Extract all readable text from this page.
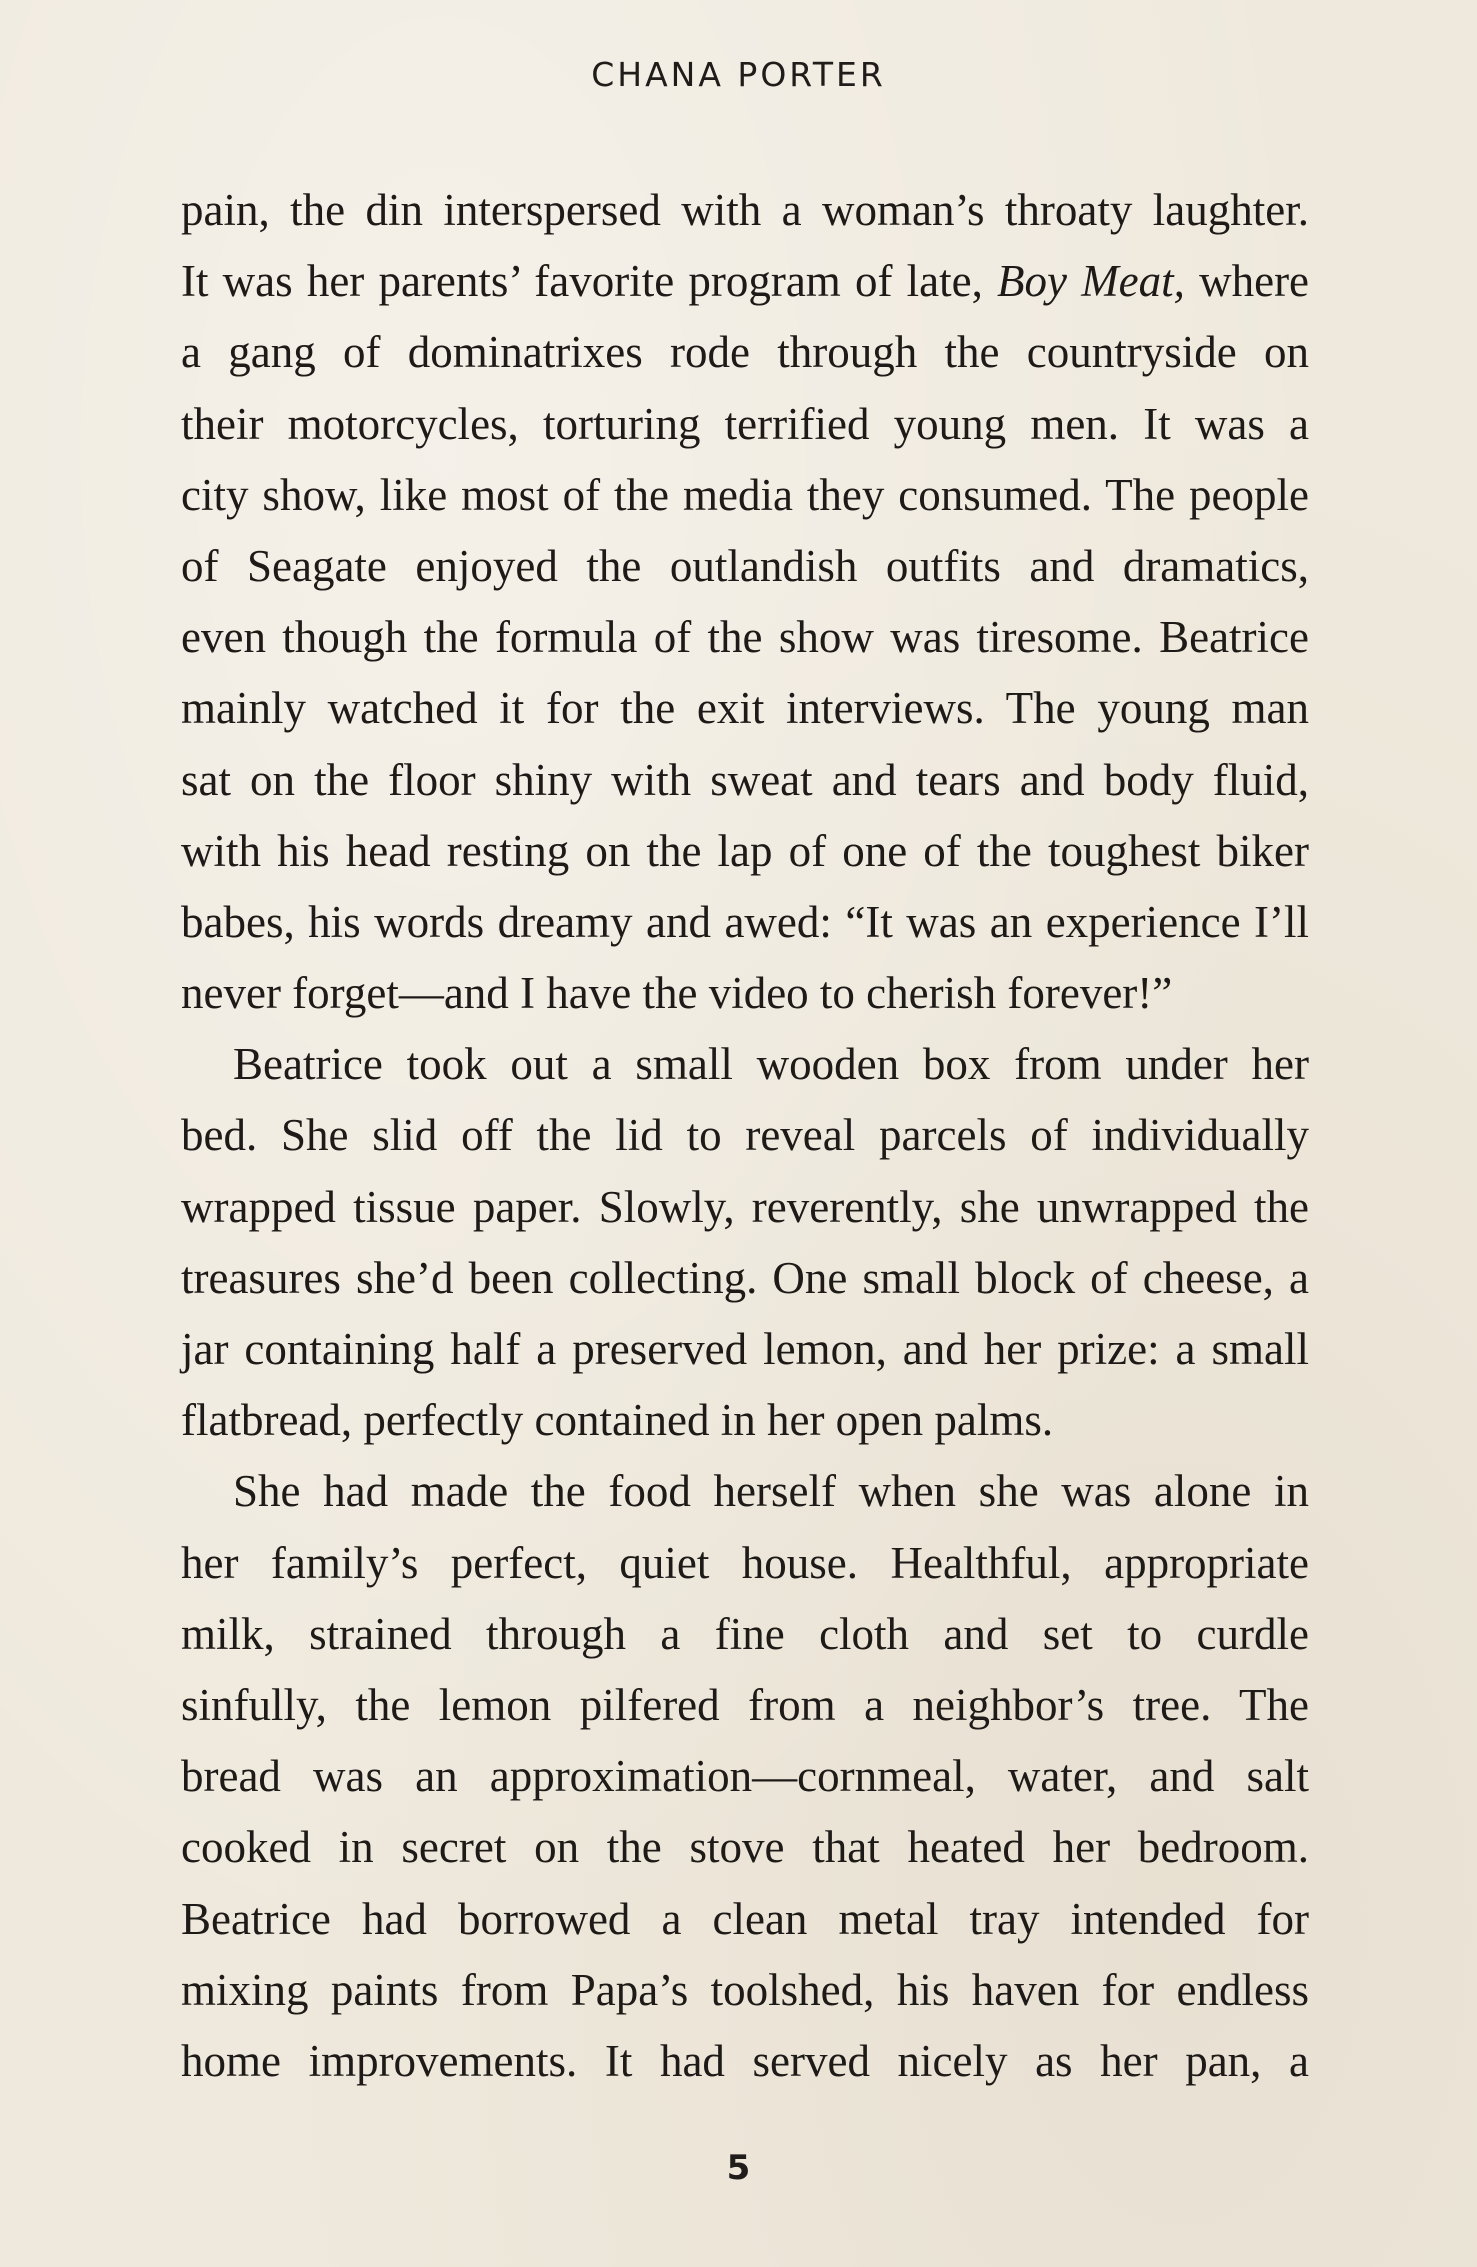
CHANA PORTER
pain, the din interspersed with a woman’s throaty laughter.
It was her parents’ favorite program of late, Boy Meat, where
a gang of dominatrixes rode through the countryside on
their motorcycles, torturing terrified young men. It was a
city show, like most of the media they consumed. The people
of Seagate enjoyed the outlandish outfits and dramatics,
even though the formula of the show was tiresome. Beatrice
mainly watched it for the exit interviews. The young man
sat on the floor shiny with sweat and tears and body fluid,
with his head resting on the lap of one of the toughest biker
babes, his words dreamy and awed: “It was an experience I’ll
never forget—and I have the video to cherish forever!”
Beatrice took out a small wooden box from under her
bed. She slid off the lid to reveal parcels of individually
wrapped tissue paper. Slowly, reverently, she unwrapped the
treasures she’d been collecting. One small block of cheese, a
jar containing half a preserved lemon, and her prize: a small
flatbread, perfectly contained in her open palms.
She had made the food herself when she was alone in
her family’s perfect, quiet house. Healthful, appropriate
milk, strained through a fine cloth and set to curdle
sinfully, the lemon pilfered from a neighbor’s tree. The
bread was an approximation—cornmeal, water, and salt
cooked in secret on the stove that heated her bedroom.
Beatrice had borrowed a clean metal tray intended for
mixing paints from Papa’s toolshed, his haven for endless
home improvements. It had served nicely as her pan, a
5
